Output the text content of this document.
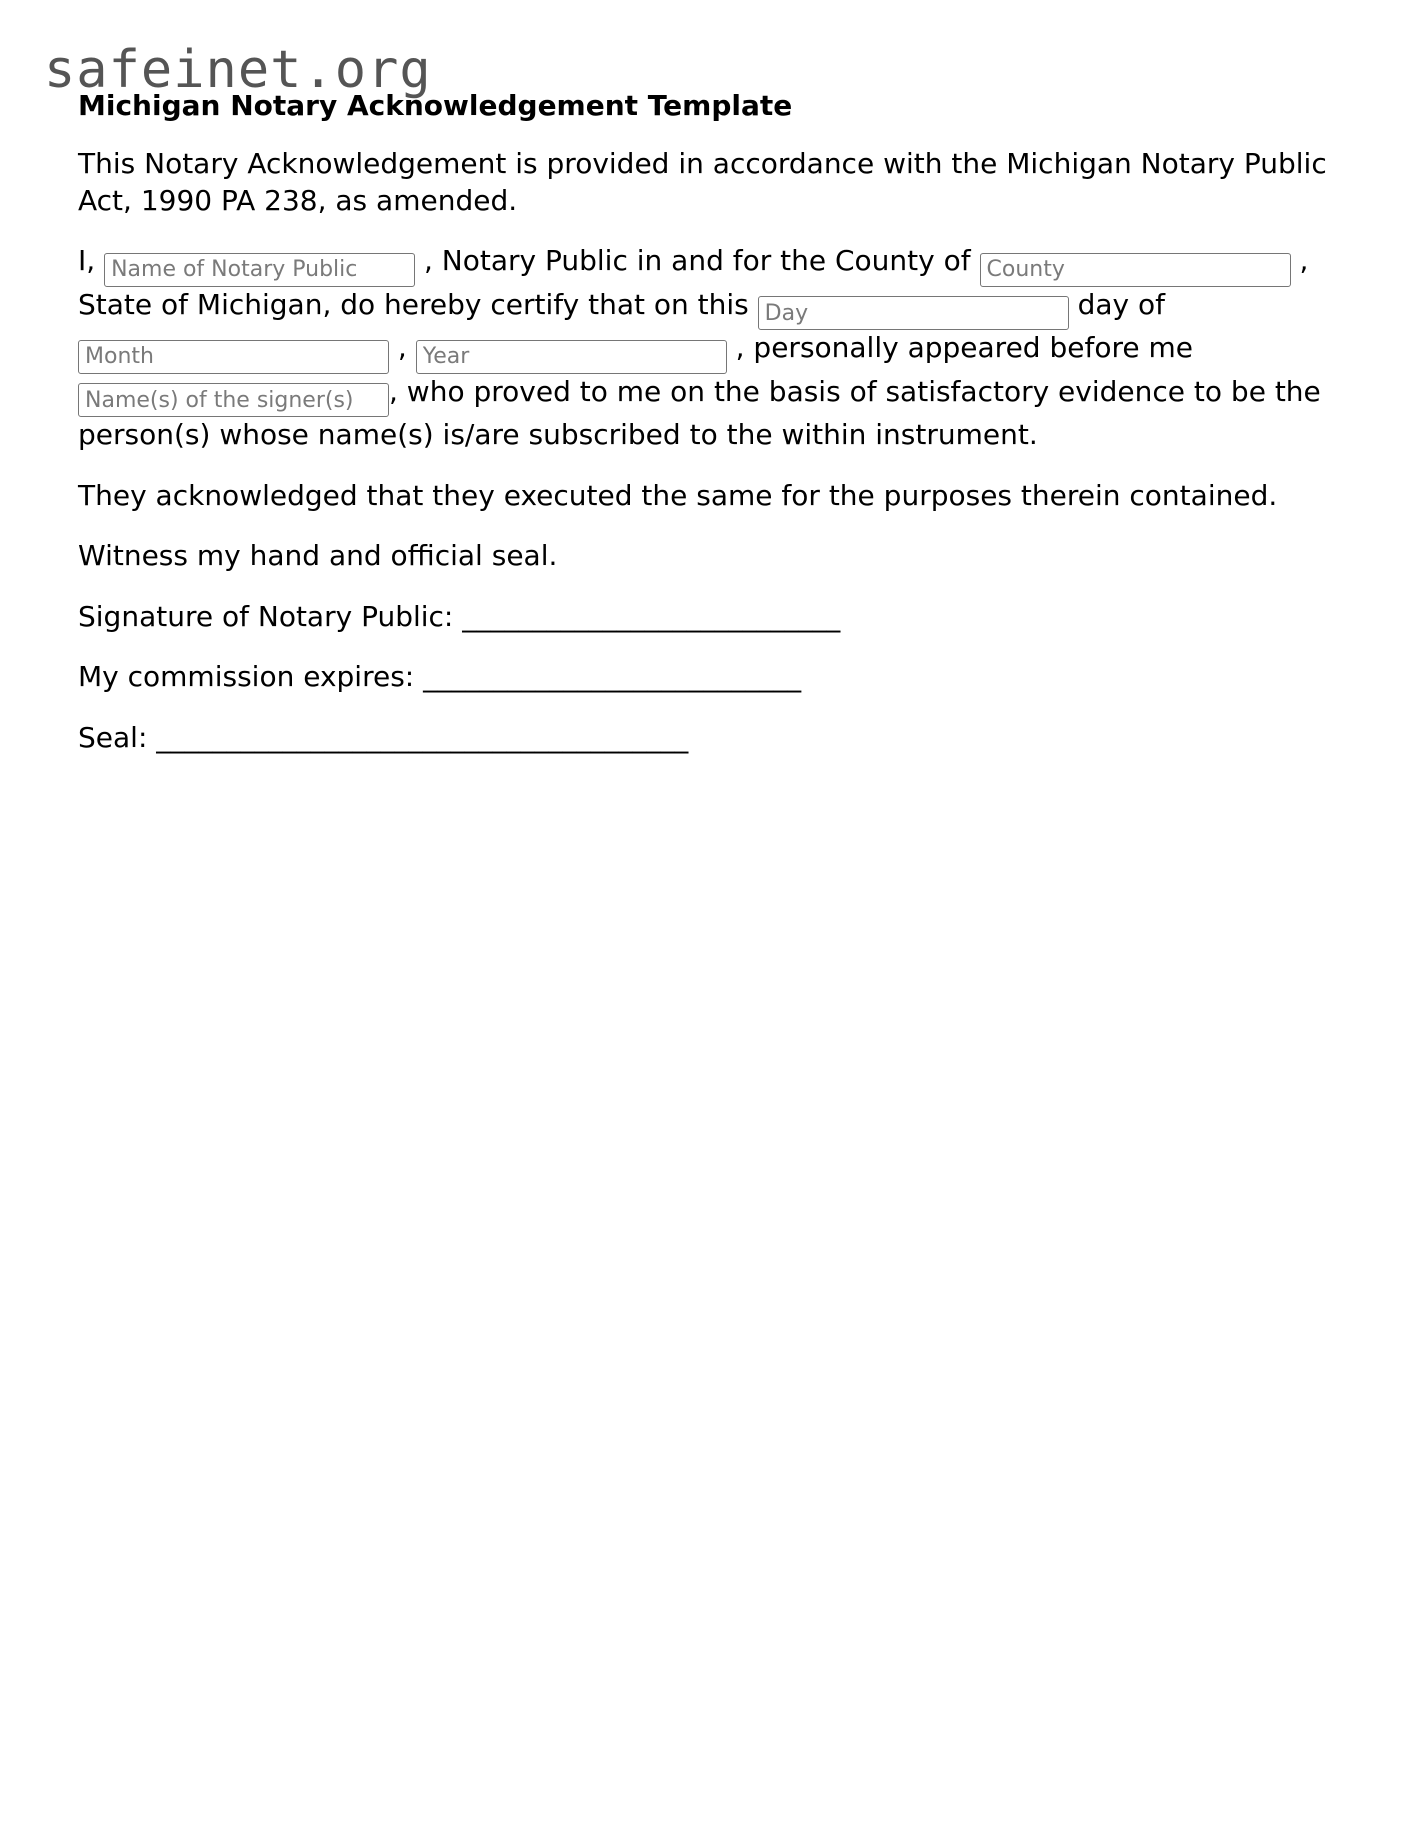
safeinet.org
Michigan Notary Acknowledgement Template

This Notary Acknowledgement is provided in accordance with the Michigan Notary Public Act, 1990 PA 238, as amended.

I, Name of Notary Public	, Notary Public in and for the County of County	, State of Michigan, do hereby certify that on this Day	day of Month , Year	, personally appeared before me Name(s) of the signer(s), who proved to me on the basis of satisfactory evidence to be the person(s) whose name(s) is/are subscribed to the within instrument.

They acknowledged that they executed the same for the purposes therein contained.

Witness my hand and official seal.

Signature of Notary Public: ___________________________

My commission expires: ___________________________

Seal: ______________________________________
